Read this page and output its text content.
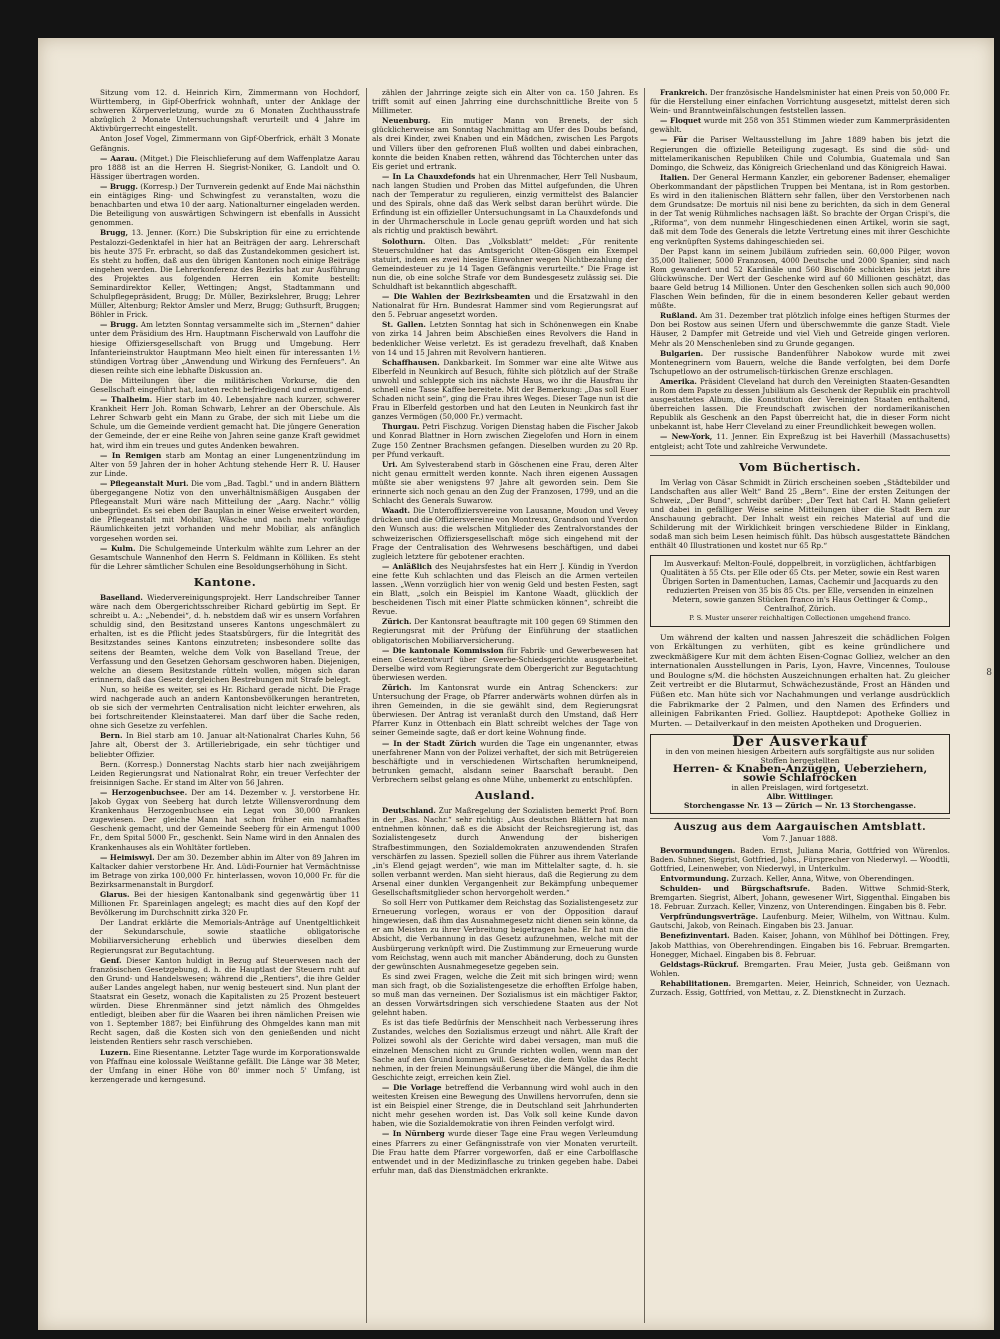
Sitzung vom 12. d. Heinrich Kirn, Zimmermann von Hochdorf, Württemberg, in Gipf-Oberfrick wohnhaft, unter der Anklage der schweren Körperverletzung, wurde zu 6 Monaten Zuchthausstrafe abzüglich 2 Monate Untersuchungshaft verurteilt und 4 Jahre im Aktivbürgerrecht eingestellt.

Anton Josef Vogel, Zimmermann von Gipf-Oberfrick, erhält 3 Monate Gefängnis.

— Aarau. (Mitget.) Die Fleischlieferung auf dem Waffenplatze Aarau pro 1888 ist an die Herren H. Siegrist-Noniker, G. Landolt und O. Hässiger übertragen worden.

— Brugg. (Korresp.) Der Turnverein gedenkt auf Ende Mai nächsthin ein eintägiges Ring- und Schwingfest zu veranstalten, wozu die benachbarten und etwa 10 der aarg. Nationalturner eingeladen werden. Die Beteiligung von auswärtigen Schwingern ist ebenfalls in Aussicht genommen.

Brugg, 13. Jenner. (Korr.) Die Subskription für eine zu errichtende Pestalozzi-Gedenktafel in hier hat an Beiträgen der aarg. Lehrerschaft bis heute 375 Fr. erbracht, so daß das Zustandekommen gesichert ist. Es steht zu hoffen, daß aus den übrigen Kantonen noch einige Beiträge eingehen werden. Die Lehrerkonferenz des Bezirks hat zur Ausführung des Projektes aus folgenden Herren ein Komite bestellt: Seminardirektor Keller, Wettingen; Angst, Stadtammann und Schulpflegepräsident, Brugg; Dr. Müller, Bezirkslehrer, Brugg; Lehrer Müller, Altenburg; Rektor Amsler und Merz, Brugg; Guthsurft, Bruggen; Böhler in Frick.

— Brugg. Am letzten Sonntag versammelte sich im „Sternen“ dahier unter dem Präsidium des Hrn. Hauptmann Fischerwald von Lauffohr die hiesige Offiziersgesellschaft von Brugg und Umgebung. Herr Infanterieinstruktor Hauptmann Meo hielt einen für interessanten 1½ stündigen Vortrag über „Anwendung und Wirkung des Fernfeuers“. An diesen reihte sich eine lebhafte Diskussion an.

Die Mitteilungen über die militärischen Vorkurse, die den Gesellschaft eingeführt hat, lauten recht befriedigend und ermutigend.

— Thalheim. Hier starb im 40. Lebensjahre nach kurzer, schwerer Krankheit Herr Joh. Roman Schwarb, Lehrer an der Oberschule. Als Lehrer Schwarb geht ein Mann zu Grabe, der sich mit Liebe um die Schule, um die Gemeinde verdient gemacht hat. Die jüngere Generation der Gemeinde, der er eine Reihe von Jahren seine ganze Kraft gewidmet hat, wird ihm ein treues und gutes Andenken bewahren.

— In Remigen starb am Montag an einer Lungenentzündung im Alter von 59 Jahren der in hoher Achtung stehende Herr R. U. Hauser zur Linde.

— Pflegeanstalt Muri. Die vom „Bad. Tagbl.“ und in andern Blättern übergegangene Notiz von den unverhältnismäßigen Ausgaben der Pflegeanstalt Muri wäre nach Mitteilung der „Aarg. Nachr.“ völlig unbegründet. Es sei eben der Bauplan in einer Weise erweitert worden, die Pflegeanstalt mit Mobiliar, Wäsche und nach mehr vorläufige Räumlichkeiten jetzt vorhanden und mehr Mobiliar, als anfänglich vorgesehen worden sei.

— Kulm. Die Schulgemeinde Unterkulm wählte zum Lehrer an der Gesamtschule Wannenhof den Herrn S. Feldmann in Kölliken. Es steht für die Lehrer sämtlicher Schulen eine Besoldungserhöhung in Sicht.

Kantone.

Baselland. Wiedervereinigungsprojekt. Herr Landschreiber Tanner wäre nach dem Obergerichtsschreiber Richard gebürtig im Sept. Er schreibt u. A.: „Nebendei“, d. h. nebstdem daß wir es unsern Vorfahren schuldig sind, den Besitzstand unseres Kantons ungeschmälert zu erhalten, ist es die Pflicht jedes Staatsbürgers, für die Integrität des Besitzstandes seines Kantons einzutreten; insbesondere sollte das seitens der Beamten, welche dem Volk von Baselland Treue, der Verfassung und den Gesetzen Gehorsam geschworen haben. Diejenigen, welche an diesem Besitzstande rütteln wollen, mögen sich daran erinnern, daß das Gesetz dergleichen Bestrebungen mit Strafe belegt.

Nun, so heiße es weiter, sei es Hr. Richard gerade nicht. Die Frage wird nachgerade auch an andern Kantonsbevölkerungen herantreten, ob sie sich der vermehrten Centralisation nicht leichter erwehren, als bei fortschreitender Kleinstaaterei. Man darf über die Sache reden, ohne sich Gesetze zu verfehlen.

Bern. In Biel starb am 10. Januar alt-Nationalrat Charles Kuhn, 56 Jahre alt, Oberst der 3. Artilleriebrigade, ein sehr tüchtiger und beliebter Offizier.

Bern. (Korresp.) Donnerstag Nachts starb hier nach zweijährigem Leiden Regierungsrat und Nationalrat Rohr, ein treuer Verfechter der freisinnigen Sache. Er stand im Alter von 56 Jahren.

— Herzogenbuchsee. Der am 14. Dezember v. J. verstorbene Hr. Jakob Gygax von Seeberg hat durch letzte Willensverordnung dem Krankenhaus Herzogenbuchsee ein Legat von 30,000 Franken zugewiesen. Der gleiche Mann hat schon früher ein namhaftes Geschenk gemacht, und der Gemeinde Seeberg für ein Armengut 1000 Fr., dem Spital 5000 Fr., geschenkt. Sein Name wird in den Annalen des Krankenhauses als ein Wohltäter fortleben.

— Heimiswyl. Der am 30. Dezember abhin im Alter von 89 Jahren im Kaltacker dahier verstorbene Hr. And. Lüdi-Fournier hat Vermächtnisse im Betrage von zirka 100,000 Fr. hinterlassen, wovon 10,000 Fr. für die Bezirksarmenanstalt in Burgdorf.

Glarus. Bei der hiesigen Kantonalbank sind gegenwärtig über 11 Millionen Fr. Spareinlagen angelegt; es macht dies auf den Kopf der Bevölkerung im Durchschnitt zirka 320 Fr.

Der Landrat erklärte die Memorials-Anträge auf Unentgeltlichkeit der Sekundarschule, sowie staatliche obligatorische Mobiliarversicherung erheblich und überwies dieselben dem Regierungsrat zur Begutachtung.

Genf. Dieser Kanton huldigt in Bezug auf Steuerwesen nach der französischen Gesetzgebung, d. h. die Hauptlast der Steuern ruht auf den Grund- und Handelswesen; während die „Rentiers“, die ihre Gelder außer Landes angelegt haben, nur wenig besteuert sind. Nun plant der Staatsrat ein Gesetz, wonach die Kapitalisten zu 25 Prozent besteuert würden. Diese Ehrenmänner sind jetzt nämlich des Ohmgeldes entledigt, bleiben aber für die Waaren bei ihren nämlichen Preisen wie von 1. September 1887; bei Einführung des Ohmgeldes kann man mit Recht sagen, daß die Kosten sich von den genießenden und nicht leistenden Rentiers sehr rasch verschieben.

Luzern. Eine Riesentanne. Letzter Tage wurde im Korporationswalde von Pfaffnau eine kolossale Weißtanne gefällt. Die Länge war 38 Meter, der Umfang in einer Höhe von 80' immer noch 5' Umfang, ist kerzengerade und kerngesund.

zählen der Jahrringe zeigte sich ein Alter von ca. 150 Jahren. Es trifft somit auf einen Jahrring eine durchschnittliche Breite von 5 Millimeter.

Neuenburg. Ein mutiger Mann von Brenets, der sich glücklicherweise am Sonntag Nachmittag am Ufer des Doubs befand, als drei Kinder, zwei Knaben und ein Mädchen, zwischen Les Pargots und Villers über den gefrorenen Fluß wollten und dabei einbrachen, konnte die beiden Knaben retten, während das Töchterchen unter das Eis geriet und ertrank.

— In La Chauxdefonds hat ein Uhrenmacher, Herr Tell Nusbaum, nach langen Studien und Proben das Mittel aufgefunden, die Uhren nach der Temperatur zu regulieren, einzig vermittelst des Balancier und des Spirals, ohne daß das Werk selbst daran berührt würde. Die Erfindung ist ein offizieller Untersuchungsamt in La Chauxdefonds und in der Uhrmacherschule in Locle genau geprüft worden und hat sich als richtig und praktisch bewährt.

Solothurn. Olten. Das „Volksblatt“ meldet: „Für renitente Steuerschuldner hat das Amtsgericht Olten-Gösgen ein Exempel statuirt, indem es zwei hiesige Einwohner wegen Nichtbezahlung der Gemeindesteuer zu je 14 Tagen Gefängnis verurteilte.“ Die Frage ist nun die, ob eine solche Strafe vor dem Bundesgesetz zulässig sei. Die Schuldhaft ist bekanntlich abgeschafft.

— Die Wahlen der Bezirksbeamten und die Ersatzwahl in den Nationalrat für Hrn. Bundesrat Hammer sind vom Regierungsrat auf den 5. Februar angesetzt worden.

St. Gallen. Letzten Sonntag hat sich in Schönenwegen ein Knabe von zirka 14 Jahren beim Abschießen eines Revolvers die Hand in bedenklicher Weise verletzt. Es ist geradezu frevelhaft, daß Knaben von 14 und 15 Jahren mit Revolvern hantieren.

Schaffhausen. Dankbarkeit. Im Sommer war eine alte Witwe aus Elberfeld in Neunkirch auf Besuch, fühlte sich plötzlich auf der Straße unwohl und schleppte sich ins nächste Haus, wo ihr die Hausfrau ihr schnell eine Tasse Kaffee bereitete. Mit der Bemerkung: „Das soll Euer Schaden nicht sein“, ging die Frau ihres Weges. Dieser Tage nun ist die Frau in Elberfeld gestorben und hat den Leuten in Neunkirch fast ihr ganzes Vermögen (50,000 Fr.) vermacht.

Thurgau. Petri Fischzug. Vorigen Dienstag haben die Fischer Jakob und Konrad Blattner in Horn zwischen Ziegelofen und Horn in einem Zuge 150 Zentner Brachsmen gefangen. Dieselben wurden zu 20 Rp. per Pfund verkauft.

Uri. Am Sylvesterabend starb in Göschenen eine Frau, deren Alter nicht genau ermittelt werden konnte. Nach ihren eigenen Aussagen müßte sie aber wenigstens 97 Jahre alt geworden sein. Dem Sie erinnerte sich noch genau an den Zug der Franzosen, 1799, und an die Schlacht des Generals Suwarow.

Waadt. Die Unteroffiziersvereine von Lausanne, Moudon und Vevey drücken und die Offiziersvereine von Montreux, Grandson und Yverdon den Wunsch aus: die welschen Mitglieder des Zentralvorstandes der schweizerischen Offiziersgesellschaft möge sich eingehend mit der Frage der Centralisation des Wehrwesens beschäftigen, und dabei zugleich letztere für gebotener erachten.

— Anläßlich des Neujahrsfestes hat ein Herr J. Kündig in Yverdon eine fette Kuh schlachten und das Fleisch an die Armen verteilen lassen. „Wenn vorzüglich hier von wenig Geld und besten Festen, sagt ein Blatt, „solch ein Beispiel im Kantone Waadt, glücklich der bescheidenen Tisch mit einer Platte schmücken können“, schreibt die Revue.

Zürich. Der Kantonsrat beauftragte mit 100 gegen 69 Stimmen den Regierungsrat mit der Prüfung der Einführung der staatlichen obligatorischen Mobiliarversicherung.

— Die kantonale Kommission für Fabrik- und Gewerbewesen hat einen Gesetzentwurf über Gewerbe-Schiedsgerichte ausgearbeitet. Derselbe wird vom Regierungsrate dem Obergericht zur Begutachtung überwiesen werden.

Zürich. Im Kantonsrat wurde ein Antrag Schenckers: zur Untersuchung der Frage, ob Pfarrer anderwärts wohnen dürfen als in ihren Gemeinden, in die sie gewählt sind, dem Regierungsrat überwiesen. Der Antrag ist veranlaßt durch den Umstand, daß Herr Pfarrer Kunz in Ottenbach ein Blatt schreibt welches der Tage von seiner Gemeinde sagte, daß er dort keine Wohnung finde.

— In der Stadt Zürich wurden die Tage ein ungenannter, etwas unerfahrener Mann von der Polizei verhaftet, der sich mit Betrügereien beschäftigte und in verschiedenen Wirtschaften herumkneipend, betrunken gemacht, alsdann seiner Baarschaft beraubt. Den Verbrechern selbst gelang es ohne Mühe, unbemerkt zu entschlüpfen.

Ausland.

Deutschland. Zur Maßregelung der Sozialisten bemerkt Prof. Born in der „Bas. Nachr.“ sehr richtig: „Aus deutschen Blättern hat man entnehmen können, daß es die Absicht der Reichsregierung ist, das Sozialistengesetz durch Anwendung der bisherigen Strafbestimmungen, den Sozialdemokraten anzuwendenden Strafen verschärfen zu lassen. Speziell sollen die Führer aus ihrem Vaterlande „in's Elend gejagt werden“, wie man im Mittelalter sagte, d. h. sie sollen verbannt werden. Man sieht hieraus, daß die Regierung zu dem Arsenal einer dunklen Vergangenheit zur Bekämpfung unbequemer Gesellschaftsmitglieder schon hervorgeholt werden.“

So soll Herr von Puttkamer dem Reichstag das Sozialistengesetz zur Erneuerung vorlegen, woraus er von der Opposition darauf hingewiesen, daß ihm das Ausnahmegesetz nicht dienen sein könne, da er am Meisten zu ihrer Verbreitung beigetragen habe. Er hat nun die Absicht, die Verbannung in das Gesetz aufzunehmen, welche mit der Ausbürgerung verknüpft wird. Die Zustimmung zur Erneuerung wurde vom Reichstag, wenn auch mit mancher Abänderung, doch zu Gunsten der gewünschten Ausnahmegesetze gegeben sein.

Es sind zwei Fragen, welche die Zeit mit sich bringen wird; wenn man sich fragt, ob die Sozialistengesetze die erhofften Erfolge haben, so muß man das verneinen. Der Sozialismus ist ein mächtiger Faktor, an dessen Vorwärtsdringen sich verschiedene Staaten aus der Not gelehnt haben.

Es ist das tiefe Bedürfnis der Menschheit nach Verbesserung ihres Zustandes, welches den Sozialismus erzeugt und nährt. Alle Kraft der Polizei sowohl als der Gerichte wird dabei versagen, man muß die einzelnen Menschen nicht zu Grunde richten wollen, wenn man der Sache auf den Grund kommen will. Gesetze, die dem Volke das Recht nehmen, in der freien Meinungsäußerung über die Mängel, die ihm die Geschichte zeigt, erreichen kein Ziel.

— Die Vorlage betreffend die Verbannung wird wohl auch in den weitesten Kreisen eine Bewegung des Unwillens hervorrufen, denn sie ist ein Beispiel einer Strenge, die in Deutschland seit Jahrhunderten nicht mehr gesehen worden ist. Das Volk soll keine Kunde davon haben, wie die Sozialdemokratie von ihren Feinden verfolgt wird.

— In Nürnberg wurde dieser Tage eine Frau wegen Verleumdung eines Pfarrers zu einer Gefängnisstrafe von vier Monaten verurteilt. Die Frau hatte dem Pfarrer vorgeworfen, daß er eine Carbolflasche entwendet und in der Medizinflasche zu trinken gegeben habe. Dabei erfuhr man, daß das Dienstmädchen erkrankte.

Frankreich. Der französische Handelsminister hat einen Preis von 50,000 Fr. für die Herstellung einer einfachen Vorrichtung ausgesetzt, mittelst deren sich Wein- und Branntweinfälschungen feststellen lassen.

— Floquet wurde mit 258 von 351 Stimmen wieder zum Kammerpräsidenten gewählt.

— Für die Pariser Weltausstellung im Jahre 1889 haben bis jetzt die Regierungen die offizielle Beteiligung zugesagt. Es sind die süd- und mittelamerikanischen Republiken Chile und Columbia, Guatemala und San Domingo, die Schweiz, das Königreich Griechenland und das Königreich Hawai.

Italien. Der General Hermann Kanzler, ein geborener Badenser, ehemaliger Oberkommandant der päpstlichen Truppen bei Mentana, ist in Rom gestorben. Es wird in den italienischen Blättern sehr fallen, über den Verstorbenen nach dem Grundsatze: De mortuis nil nisi bene zu berichten, da sich in dem General in der Tat wenig Rühmliches nachsagen läßt. So brachte der Organ Crispi's, die „Riforma“, von dem nunmehr Hingeschiedenen einen Artikel, worin sie sagt, daß mit dem Tode des Generals die letzte Vertretung eines mit ihrer Geschichte eng verknüpften Systems dahingeschieden sei.

Der Papst kann im seinem Jubiläum zufrieden sein. 60,000 Pilger, wovon 35,000 Italiener, 5000 Franzosen, 4000 Deutsche und 2000 Spanier, sind nach Rom gewandert und 52 Kardinäle und 560 Bischöfe schickten bis jetzt ihre Glückwünsche. Der Wert der Geschenke wird auf 60 Millionen geschätzt, das baare Geld betrug 14 Millionen. Unter den Geschenken sollen sich auch 90,000 Flaschen Wein befinden, für die in einem besonderen Keller gebaut werden müßte.

Rußland. Am 31. Dezember trat plötzlich infolge eines heftigen Sturmes der Don bei Rostow aus seinen Ufern und überschwemmte die ganze Stadt. Viele Häuser, 2 Dampfer mit Getreide und viel Vieh und Getreide gingen verloren. Mehr als 20 Menschenleben sind zu Grunde gegangen.

Bulgarien. Der russische Bandenführer Nabokow wurde mit zwei Montenegrinern vom Bauern, welche die Bande verfolgten, bei dem Dorfe Tschupetlowo an der ostrumelisch-türkischen Grenze erschlagen.

Amerika. Präsident Cleveland hat durch den Vereinigten Staaten-Gesandten in Rom dem Papste zu dessen Jubiläum als Geschenk der Republik ein prachtvoll ausgestattetes Album, die Konstitution der Vereinigten Staaten enthaltend, überreichen lassen. Die Freundschaft zwischen der nordamerikanischen Republik als Geschenk an den Papst überreicht hat, die in dieser Form nicht unbekannt ist, habe Herr Cleveland zu einer Freundlichkeit bewegen wollen.

— New-York, 11. Jenner. Ein Expreßzug ist bei Haverhill (Massachusetts) entgleist; acht Tote und zahlreiche Verwundete.

Vom Büchertisch.

Im Verlag von Cäsar Schmidt in Zürich erscheinen soeben „Städtebilder und Landschaften aus aller Welt“ Band 25 „Bern“. Eine der ersten Zeitungen der Schweiz, „Der Bund“, schreibt darüber: „Der Text hat Carl H. Mann geliefert und dabei in gefälliger Weise seine Mitteilungen über die Stadt Bern zur Anschauung gebracht. Der Inhalt weist ein reiches Material auf und die Schilderung mit der Wirklichkeit bringen verschiedene Bilder in Einklang, sodaß man sich beim Lesen heimisch fühlt. Das hübsch ausgestattete Bändchen enthält 40 Illustrationen und kostet nur 65 Rp.“

Im Ausverkauf: Melton-Foulé, doppelbreit, in vorzüglichen, ächtfarbigen Qualitäten à 55 Cts. per Elle oder 65 Cts. per Meter, sowie ein Rest waren Übrigen Sorten in Damentuchen, Lamas, Cachemir und Jacquards zu den reduzierten Preisen von 35 bis 85 Cts. per Elle, versenden in einzelnen Metern, sowie ganzen Stücken franco in's Haus Oettinger & Comp., Centralhof, Zürich.
P. S. Muster unserer reichhaltigen Collectionen umgehend franco.

Um während der kalten und nassen Jahreszeit die schädlichen Folgen von Erkältungen zu verhüten, gibt es keine gründlichere und zweckmäßigere Kur mit dem ächten Eisen-Cognac Golliez, welcher an den internationalen Ausstellungen in Paris, Lyon, Havre, Vincennes, Toulouse und Boulogne s/M. die höchsten Auszeichnungen erhalten hat. Zu gleicher Zeit vertreibt er die Blutarmut, Schwächezustände, Frost an Händen und Füßen etc. Man hüte sich vor Nachahmungen und verlange ausdrücklich die Fabrikmarke der 2 Palmen, und den Namen des Erfinders und alleinigen Fabrikanten Fried. Golliez. Hauptdepot: Apotheke Golliez in Murten. — Detailverkauf in den meisten Apotheken und Droguerien.

Der Ausverkauf
in den von meinen hiesigen Arbeitern aufs sorgfältigste aus nur soliden Stoffen hergestellten
Herren- & Knaben-Anzügen, Ueberziehern, sowie Schlafröcken
in allen Preislagen, wird fortgesetzt.
Albr. Wittlinger.
Storchengasse Nr. 13 — Zürich — Nr. 13 Storchengasse.
Auszug aus dem Aargauischen Amtsblatt.
Vom 7. Januar 1888.

Bevormundungen. Baden. Ernst, Juliana Maria, Gottfried von Würenlos. Baden. Suhner, Siegrist, Gottfried, Johs., Fürsprecher von Niederwyl. — Woodtli, Gottfried, Leinenweber, von Niederwyl, in Unterkulm.

Entvormundung. Zurzach. Keller, Anna, Witwe, von Oberendingen.

Schulden- und Bürgschaftsrufe. Baden. Wittwe Schmid-Sterk, Bremgarten. Siegrist, Albert, Johann, gewesener Wirt, Siggenthal. Eingaben bis 18. Februar. Zurzach. Keller, Vinzenz, von Unterendingen. Eingaben bis 8. Febr.

Verpfründungsverträge. Laufenburg. Meier, Wilhelm, von Wittnau. Kulm. Gautschi, Jakob, von Reinach. Eingaben bis 23. Januar.

Benefizinventari. Baden. Kaiser, Johann, von Mühlhof bei Döttingen. Frey, Jakob Matthias, von Oberehrendingen. Eingaben bis 16. Februar. Bremgarten. Honegger, Michael. Eingaben bis 8. Februar.

Geldstags-Rückruf. Bremgarten. Frau Meier, Justa geb. Geißmann von Wohlen.

Rehabilitationen. Bremgarten. Meier, Heinrich, Schneider, von Ueznach. Zurzach. Essig, Gottfried, von Mettau, z. Z. Dienstknecht in Zurzach.

8
